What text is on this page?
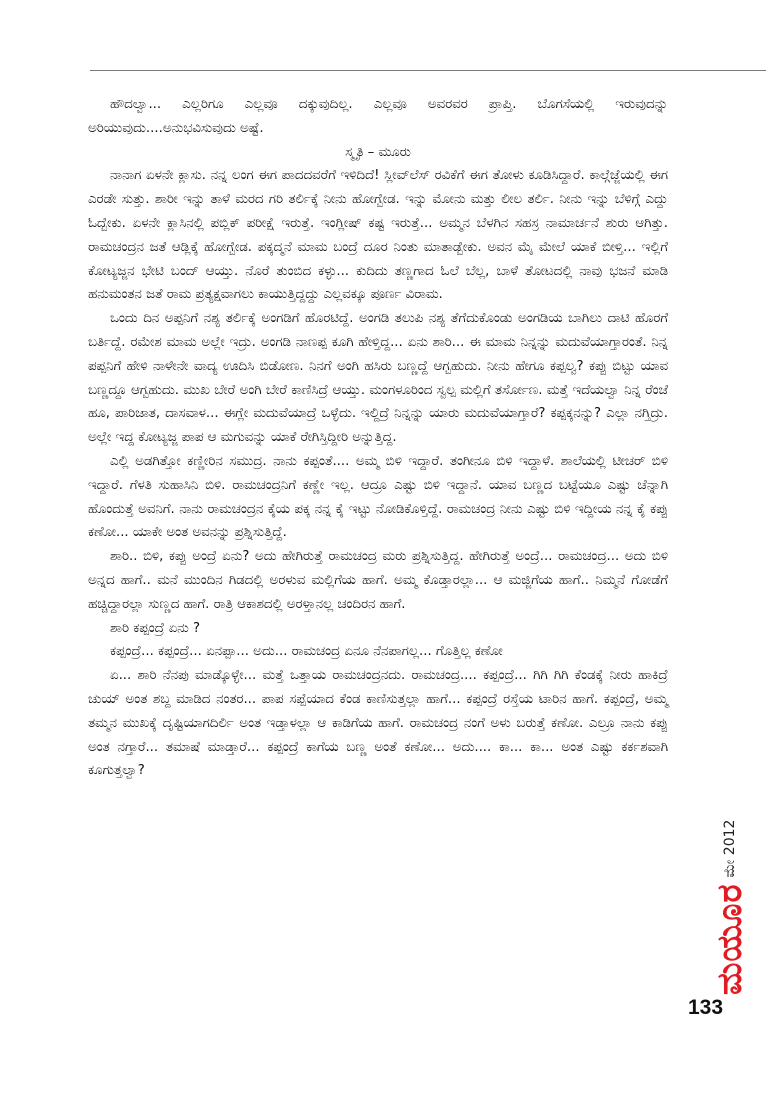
ಹೌದಲ್ವಾ... ಎಲ್ಲರಿಗೂ ಎಲ್ಲವೂ ದಕ್ಕುವುದಿಲ್ಲ. ಎಲ್ಲವೂ ಅವರವರ ಪ್ರಾಪ್ತಿ. ಬೊಗಸೆಯಲ್ಲಿ ಇರುವುದನ್ನು ಅರಿಯುವುದು....ಅನುಭವಿಸುವುದು ಅಷ್ಟೆ.

ಸ್ಮೃತಿ – ಮೂರು

ನಾನಾಗ ಏಳನೇ ಕ್ಲಾಸು. ನನ್ನ ಲಂಗ ಈಗ ಪಾದದವರೆಗೆ ಇಳಿದಿದೆ! ಸ್ಲೀವ್‌ಲೆಸ್ ರವಿಕೆಗೆ ಈಗ ತೋಳು ಕೂಡಿಸಿದ್ದಾರೆ. ಕಾಲ್ಗೆಜ್ಜೆಯಲ್ಲಿ ಈಗ ಎರಡೇ ಸುತ್ತು. ಶಾರೀ ಇನ್ನು ತಾಳೆ ಮರದ ಗರಿ ತರ್ಲಿಕ್ಕೆ ನೀನು ಹೋಗ್ಬೇಡ. ಇನ್ನು ಮೋನು ಮತ್ತು ಲೀಲ ತರ್ಲಿ. ನೀನು ಇನ್ನು ಬೆಳಿಗ್ಗೆ ಎದ್ದು ಓದ್ಬೇಕು. ಏಳನೇ ಕ್ಲಾಸಿನಲ್ಲಿ ಪಬ್ಲಿಕ್ ಪರೀಕ್ಷೆ ಇರುತ್ತೆ. ಇಂಗ್ಲೀಷ್ ಕಷ್ಟ ಇರುತ್ತೆ... ಅಮ್ಮನ ಬೆಳಗಿನ ಸಹಸ್ರ ನಾಮಾರ್ಚನೆ ಶುರು ಆಗಿತ್ತು. ರಾಮಚಂದ್ರನ ಜತೆ ಆಡ್ಲಿಕ್ಕೆ ಹೋಗ್ಬೇಡ. ಪಕ್ಕದ್ಮನೆ ಮಾಮ ಬಂದ್ರೆ ದೂರ ನಿಂತು ಮಾತಾಡ್ಬೇಕು. ಅವನ ಮೈ ಮೇಲೆ ಯಾಕೆ ಬೀಳ್ತಿ... ಇಲ್ಲಿಗೆ ಕೋಟ್ಯಜ್ಜನ ಭೇಟಿ ಬಂದ್ ಆಯ್ತು. ನೊರೆ ತುಂಬಿದ ಕಳ್ಳು... ಕುದಿದು ತಣ್ಣಗಾದ ಓಲೆ ಬೆಲ್ಲ, ಬಾಳೆ ತೋಟದಲ್ಲಿ ನಾವು ಭಜನೆ ಮಾಡಿ ಹನುಮಂತನ ಜತೆ ರಾಮ ಪ್ರತ್ಯಕ್ಷವಾಗಲು ಕಾಯುತ್ತಿದ್ದದ್ದು ಎಲ್ಲವಕ್ಕೂ ಪೂರ್ಣ ವಿರಾಮ.

ಒಂದು ದಿನ ಅಪ್ಪನಿಗೆ ನಶ್ಯ ತರ್ಲಿಕ್ಕೆ ಅಂಗಡಿಗೆ ಹೊರಟಿದ್ದೆ. ಅಂಗಡಿ ತಲುಪಿ ನಶ್ಯ ತೆಗೆದುಕೊಂಡು ಅಂಗಡಿಯ ಬಾಗಿಲು ದಾಟಿ ಹೊರಗೆ ಬರ್ತಿದ್ದೆ. ರಮೇಶ ಮಾಮ ಅಲ್ಲೇ ಇದ್ರು. ಅಂಗಡಿ ನಾಣಪ್ಪ ಕೂಗಿ ಹೇಳ್ತಿದ್ದ... ಏನು ಶಾರಿ... ಈ ಮಾಮ ನಿನ್ನನ್ನು ಮದುವೆಯಾಗ್ತಾರಂತೆ. ನಿನ್ನ ಪಪ್ಪನಿಗೆ ಹೇಳಿ ನಾಳೇನೇ ವಾದ್ಯ ಊದಿಸಿ ಬಿಡೋಣ. ನಿನಗೆ ಅಂಗಿ ಹಸಿರು ಬಣ್ಣದ್ದೆ ಆಗ್ಬಹುದು. ನೀನು ಹೇಗೂ ಕಪ್ಪಲ್ವ? ಕಪ್ಪು ಬಿಟ್ಟು ಯಾವ ಬಣ್ಣದ್ದೂ ಆಗ್ಬಹುದು. ಮುಖ ಬೇರೆ ಅಂಗಿ ಬೇರೆ ಕಾಣಿಸಿದ್ರೆ ಆಯ್ತು. ಮಂಗಳೂರಿಂದ ಸ್ವಲ್ಪ ಮಲ್ಲಿಗೆ ತರ್ಸೋಣ. ಮತ್ತೆ ಇದೆಯಲ್ವಾ ನಿನ್ನ ರೆಂಜೆ ಹೂ, ಪಾರಿಜಾತ, ದಾಸವಾಳ... ಈಗ್ಲೇ ಮದುವೆಯಾದ್ರೆ ಒಳ್ಳೆದು. ಇಲ್ದಿದ್ರೆ ನಿನ್ನನ್ನು ಯಾರು ಮದುವೆಯಾಗ್ತಾರೆ? ಕಪ್ಪಕ್ಕನನ್ನು? ಎಲ್ಲಾ ನಗ್ತಿದ್ರು. ಅಲ್ಲೇ ಇದ್ದ ಕೋಟ್ಯಜ್ಜ ಪಾಪ ಆ ಮಗುವನ್ನು ಯಾಕೆ ರೇಗಿಸ್ತಿದ್ದೀರಿ ಅನ್ನುತ್ತಿದ್ದ.

ಎಲ್ಲಿ ಅಡಗಿತ್ತೋ ಕಣ್ಣೀರಿನ ಸಮುದ್ರ. ನಾನು ಕಪ್ಪಂತೆ.... ಅಮ್ಮ ಬಿಳಿ ಇದ್ದಾರೆ. ತಂಗೀನೂ ಬಿಳಿ ಇದ್ದಾಳೆ. ಶಾಲೆಯಲ್ಲಿ ಟೀಚರ್ ಬಿಳಿ ಇದ್ದಾರೆ. ಗೆಳತಿ ಸುಹಾಸಿನಿ ಬಿಳಿ. ರಾಮಚಂದ್ರನಿಗೆ ಕಣ್ಣೇ ಇಲ್ಲ. ಆದ್ರೂ ಎಷ್ಟು ಬಿಳಿ ಇದ್ದಾನೆ. ಯಾವ ಬಣ್ಣದ ಬಟ್ಟೆಯೂ ಎಷ್ಟು ಚೆನ್ನಾಗಿ ಹೊಂದುತ್ತೆ ಅವನಿಗೆ. ನಾನು ರಾಮಚಂದ್ರನ ಕೈಯ ಪಕ್ಕ ನನ್ನ ಕೈ ಇಟ್ಟು ನೋಡಿಕೊಳ್ತಿದ್ದೆ. ರಾಮಚಂದ್ರ ನೀನು ಎಷ್ಟು ಬಿಳಿ ಇದ್ದೀಯ ನನ್ನ ಕೈ ಕಪ್ಪು ಕಣೋ... ಯಾಕೇ ಅಂತ ಅವನನ್ನು ಪ್ರಶ್ನಿಸುತ್ತಿದ್ದೆ.

ಶಾರಿ.. ಬಿಳಿ, ಕಪ್ಪು ಅಂದ್ರೆ ಏನು? ಅದು ಹೇಗಿರುತ್ತೆ ರಾಮಚಂದ್ರ ಮರು ಪ್ರಶ್ನಿಸುತ್ತಿದ್ದ. ಹೇಗಿರುತ್ತೆ ಅಂದ್ರೆ... ರಾಮಚಂದ್ರ... ಅದು ಬಿಳಿ ಅನ್ನದ ಹಾಗೆ.. ಮನೆ ಮುಂದಿನ ಗಿಡದಲ್ಲಿ ಅರಳುವ ಮಲ್ಲಿಗೆಯ ಹಾಗೆ. ಅಮ್ಮ ಕೊಡ್ತಾರಲ್ಲಾ... ಆ ಮಜ್ಜಿಗೆಯ ಹಾಗೆ.. ನಿಮ್ಮನೆ ಗೋಡೆಗೆ ಹಚ್ಚಿದ್ದಾರಲ್ಲಾ ಸುಣ್ಣದ ಹಾಗೆ. ರಾತ್ರಿ ಆಕಾಶದಲ್ಲಿ ಅರಳ್ತಾನಲ್ಲ ಚಂದಿರನ ಹಾಗೆ.

ಶಾರಿ ಕಪ್ಪಂದ್ರೆ ಏನು ?

ಕಪ್ಪಂದ್ರೆ... ಕಪ್ಪಂದ್ರೆ... ಏನಪ್ಪಾ... ಅದು... ರಾಮಚಂದ್ರ ಏನೂ ನೆನಪಾಗಲ್ಲ... ಗೊತ್ತಿಲ್ಲ ಕಣೋ

ಏ... ಶಾರಿ ನೆನಪು ಮಾಡ್ಕೊಳ್ಳೇ... ಮತ್ತೆ ಒತ್ತಾಯ ರಾಮಚಂದ್ರನದು. ರಾಮಚಂದ್ರ.... ಕಪ್ಪಂದ್ರೆ... ಗಿಗಿ ಗಿಗಿ ಕೆಂಡಕ್ಕೆ ನೀರು ಹಾಕಿದ್ರೆ ಚುಯ್ ಅಂತ ಶಬ್ದ ಮಾಡಿದ ನಂತರ... ಪಾಪ ಸಪ್ಪೆಯಾದ ಕೆಂಡ ಕಾಣಿಸುತ್ತಲ್ಲಾ ಹಾಗೆ... ಕಪ್ಪಂದ್ರೆ ರಸ್ತೆಯ ಟಾರಿನ ಹಾಗೆ. ಕಪ್ಪಂದ್ರೆ, ಅಮ್ಮ ತಮ್ಮನ ಮುಖಕ್ಕೆ ದೃಷ್ಟಿಯಾಗದಿರ್ಲಿ ಅಂತ ಇಡ್ತಾಳಲ್ಲಾ ಆ ಕಾಡಿಗೆಯ ಹಾಗೆ. ರಾಮಚಂದ್ರ ನಂಗೆ ಅಳು ಬರುತ್ತೆ ಕಣೋ. ಎಲ್ರೂ ನಾನು ಕಪ್ಪು ಅಂತ ನಗ್ತಾರೆ... ತಮಾಷೆ ಮಾಡ್ತಾರೆ... ಕಪ್ಪಂದ್ರೆ ಕಾಗೆಯ ಬಣ್ಣ ಅಂತೆ ಕಣೋ... ಅದು.... ಕಾ... ಕಾ... ಅಂತ ಎಷ್ಟು ಕರ್ಕಶವಾಗಿ ಕೂಗುತ್ತಲ್ವಾ?

ಮಯೂರ
ಮೇ 2012
133
